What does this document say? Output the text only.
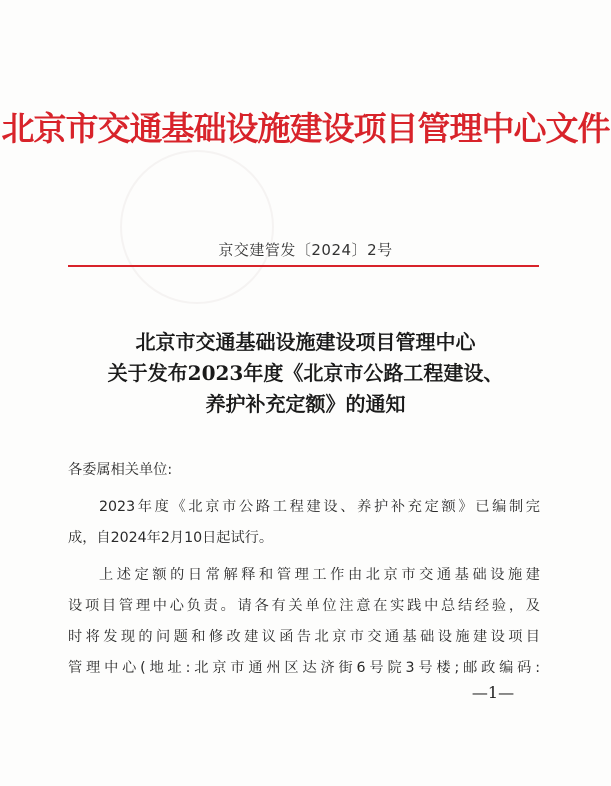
北京市交通基础设施建设项目管理中心文件
京交建管发〔2024〕2号
北京市交通基础设施建设项目管理中心
关于发布2023年度《北京市公路工程建设、
养护补充定额》的通知
各委属相关单位:
2023年度《北京市公路工程建设、养护补充定额》已编制完
成，自2024年2月10日起试行。
上述定额的日常解释和管理工作由北京市交通基础设施建
设项目管理中心负责。请各有关单位注意在实践中总结经验，及
时将发现的问题和修改建议函告北京市交通基础设施建设项目
管理中心(地址:北京市通州区达济街6号院3号楼;邮政编码:
—1—
